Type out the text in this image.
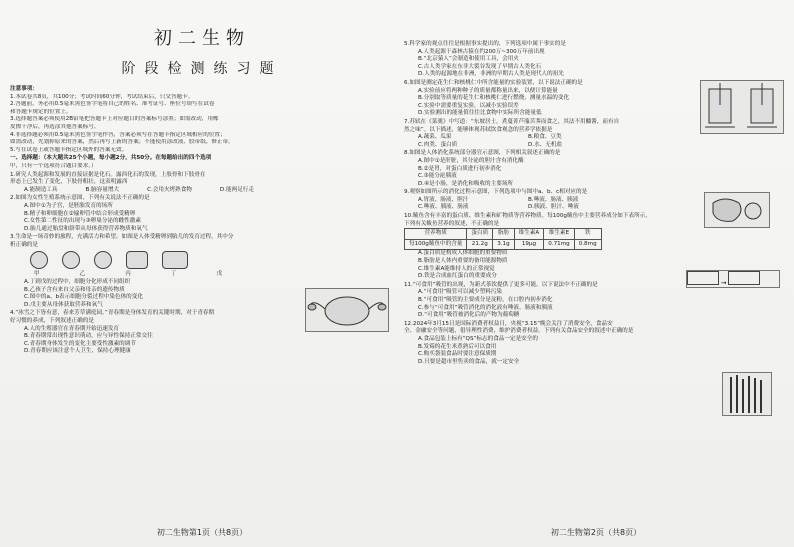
初二生物
阶段检测练习题
注意事项：
1.本试卷共8页，共100分；考试时间60分钟，考试结束后，只交答题卡。
2.答题前，务必用0.5毫米黑色签字笔将自己的姓名、准考证号、座位号填写在试卷
和答题卡规定的位置上。
3.选择题答案必须使用2B铅笔把答题卡上对应题目的答案标号涂黑；如需改动，用橡
皮擦干净后，再选涂其他答案标号。
4.非选择题必须用0.5毫米黑色签字笔作答，答案必须写在答题卡指定区域相应的位置；
如需改动，先划掉原来的答案，然后再写上新的答案；不能使用涂改液、胶带纸、修正带。
5.写在试卷上或答题卡指定区域外的答案无效。
一、选择题：（本大题共25个小题，每小题2分，共50分。在每题给出的四个选项
中，只有一个选项符合题目要求。）
1.研究人类起源和发展的直接证据是化石。露西化石的发现，上肢骨和下肢骨在
形态上已发生了变化，下肢骨粗壮，这表明露西
A.能制造工具	B.脑容量增大	C.会用火烤熟食物	D.能两足行走
2.如图为女性生殖系统示意图，下列有关说法不正确的是
A.图中①为子宫，是胚胎发育的场所
B.精子和卵细胞在②输卵管中结合形成受精卵
C.女性第二性征的出现与③卵巢分泌的雌性激素
D.胎儿通过胎盘和脐带从母体获得营养物质和氧气
3.生命是一场奇妙的旅程，充满活力和希望。如图是人体受精卵到胎儿的发育过程，其中分
析正确的是
甲	乙	丙	丁	戊
A.丁到戊的过程中，细胞分化形成不同组织
B.乙孩子含有来自父亲和母亲的遗传物质
C.图中的a、b表示细胞分裂过程中染色体的变化
D.戊主要从母体获取营养和氧气
4.“冰雪之下皆有意，春来芳草满庭园。”青春期是身体发育的关键时期，对于青春期
好习惯的养成，下列叙述正确的是
A.人的生殖器官在青春期开始迅速发育
B.青春期常出现性意识萌动，应与异性保持正常交往
C.青春期身体发生的变化主要受性激素的调节
D.青春期应该注意个人卫生，保持心理健康
初二生物第1页（共8页）
5.科学家的观点往往是根据事实提出的，下列选项中属于事实的是
A.人类起源于森林古猿在约200万~300万年前出现
B.“北京猿人”会制造和使用工具，会用火
C.古人类学家在东非大裂谷发现了早期古人类化石
D.人类的起源地在非洲，非洲的早期古人类是现代人的祖先
6.如图是测定花生仁和核桃仁中所含能量的实验装置，以下说法正确的是
A.实验前应将两种种子的质量都称量出来，以便计算能量
B.分别取等质量的花生仁和核桃仁进行燃烧，测量水温的变化
C.实验中需要重复实验，以减小实验误差
D.实验测出的能量值往往比食物中实际所含能量低
7.苏轼在《菜羹》中写道：“东坡居士，煮蔓菁芦菔苦荠而食之，其法不用醯酱，而有自
然之味”。以下描述，能够体现苏轼饮食观念的营养学依据是
A.蔬菜、瓜果	B.粮食、豆类
C.肉类、蛋白质	D.水、无机盐
8.如图是人体消化系统部分器官示意图，下列相关叙述正确的是
A.图中①是肝脏，其分泌的胆汁含有消化酶
B.②是胃，对蛋白质进行初步消化
C.③能分泌胰液
D.④是小肠，是消化和吸收的主要场所
9.观察如图所示的消化过程示意图，下列选项中与图中a、b、c相对应的是
A.胃液、肠液、胆汁	B.唾液、肠液、胰液
C.唾液、胰液、肠液	D.胰液、胆汁、唾液
→
10.鲅鱼含有丰富的蛋白质、维生素和矿物质等营养物质。每100g鲅鱼中主要营养成分如下表所示，
下列有关鲅鱼营养的叙述，不正确的是
营养物质	蛋白质	脂肪	维生素A	维生素E	铁
每100g鲅鱼中的含量	21.2g	3.1g	19μg	0.71mg	0.8mg
A.蛋白质是构成人体细胞的重要物质
B.脂肪是人体内重要的备用能源物质
C.维生素A能维持人的正常视觉
D.铁是合成血红蛋白的重要成分
11.“可食用”吸管的出现，为新式茶饮提供了更多可能。以下说法中不正确的是
A.“可食用”吸管可以减少塑料污染
B.“可食用”吸管的主要成分是淀粉，在口腔内初步消化
C.参与“可食用”吸管消化的消化液有唾液、肠液和胰液
D.“可食用”吸管被消化后的产物为葡萄糖
12.2024年3月15日是国际消费者权益日，央视“3.15”晚会关注了消费安全，食品安
全、金融安全等问题，倡导理性消费，维护消费者权益。下列有关食品安全的叙述中正确的是
A.食品包装上标有“QS”标志的食品一定是安全的
B.发霉的花生米煮熟后可以食用
C.购买袋装食品时要注意保质期
D.只要是超市里售卖的食品，就一定安全
初二生物第2页（共8页）
